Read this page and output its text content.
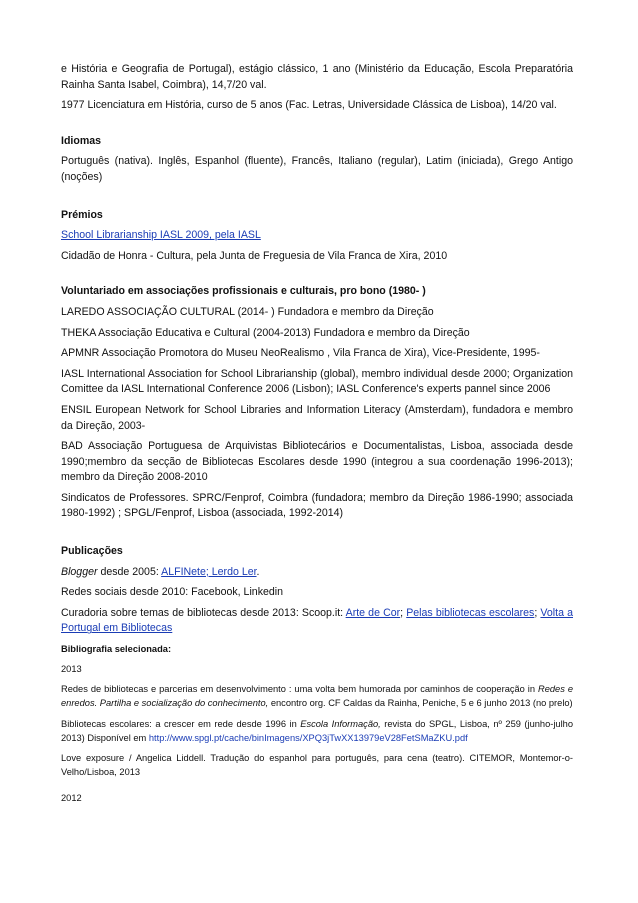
e História e Geografia de Portugal), estágio clássico, 1 ano (Ministério da Educação, Escola Preparatória Rainha Santa Isabel, Coimbra), 14,7/20 val.

1977 Licenciatura em História, curso de 5 anos (Fac. Letras, Universidade Clássica de Lisboa), 14/20 val.

Idiomas

Português (nativa). Inglês, Espanhol (fluente), Francês, Italiano (regular), Latim (iniciada), Grego Antigo (noções)

Prémios

School Librarianship IASL 2009, pela IASL

Cidadão de Honra - Cultura, pela Junta de Freguesia de Vila Franca de Xira, 2010

Voluntariado em associações profissionais e culturais, pro bono (1980- )

LAREDO ASSOCIAÇÃO CULTURAL (2014- ) Fundadora e membro da Direção

THEKA Associação Educativa e Cultural (2004-2013) Fundadora e membro da Direção

APMNR Associação Promotora do Museu NeoRealismo , Vila Franca de Xira), Vice-Presidente, 1995-

IASL International Association for School Librarianship (global), membro individual desde 2000; Organization Comittee da IASL International Conference 2006 (Lisbon); IASL Conference's experts pannel since 2006

ENSIL European Network for School Libraries and Information Literacy (Amsterdam), fundadora e membro da Direção, 2003-

BAD Associação Portuguesa de Arquivistas Bibliotecários e Documentalistas, Lisboa, associada desde 1990;membro da secção de Bibliotecas Escolares desde 1990 (integrou a sua coordenação 1996-2013); membro da Direção 2008-2010

Sindicatos de Professores. SPRC/Fenprof, Coimbra (fundadora; membro da Direção 1986-1990; associada 1980-1992) ; SPGL/Fenprof, Lisboa (associada, 1992-2014)

Publicações

Blogger desde 2005: ALFINete; Lerdo Ler.

Redes sociais desde 2010: Facebook, Linkedin

Curadoria sobre temas de bibliotecas desde 2013: Scoop.it: Arte de Cor; Pelas bibliotecas escolares; Volta a Portugal em Bibliotecas

Bibliografia selecionada:

2013

Redes de bibliotecas e parcerias em desenvolvimento : uma volta bem humorada por caminhos de cooperação in Redes e enredos. Partilha e socialização do conhecimento, encontro org. CF Caldas da Rainha, Peniche, 5 e 6 junho 2013 (no prelo)

Bibliotecas escolares: a crescer em rede desde 1996 in Escola Informação, revista do SPGL, Lisboa, nº 259 (junho-julho 2013) Disponível em http://www.spgl.pt/cache/binImagens/XPQ3jTwXX13979eV28FetSMaZKU.pdf

Love exposure / Angelica Liddell. Tradução do espanhol para português, para cena (teatro). CITEMOR, Montemor-o-Velho/Lisboa, 2013

2012
